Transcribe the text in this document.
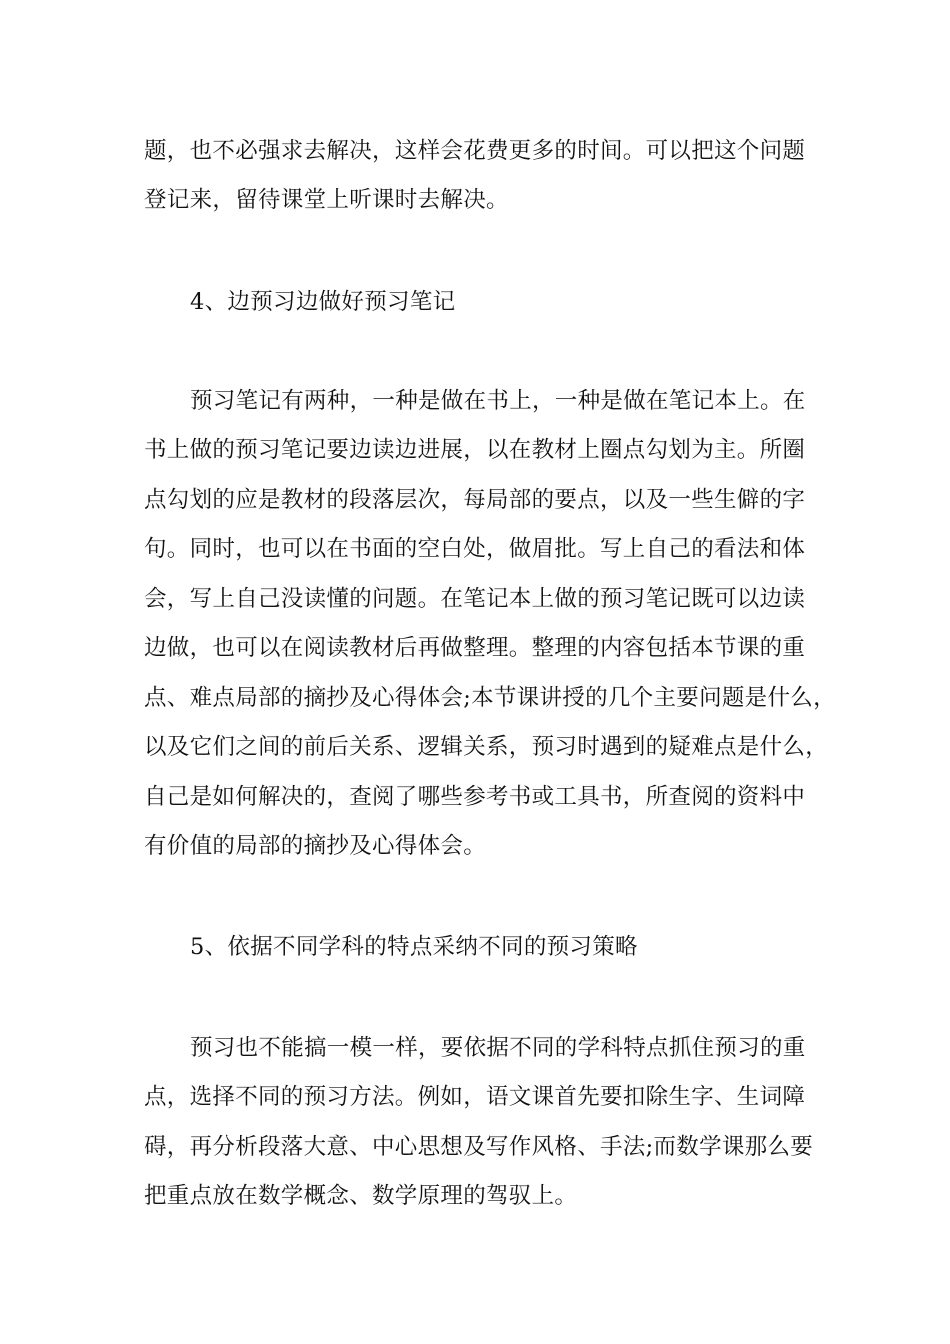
题，也不必强求去解决，这样会花费更多的时间。可以把这个问题
登记来，留待课堂上听课时去解决。
4、边预习边做好预习笔记
预习笔记有两种，一种是做在书上，一种是做在笔记本上。在
书上做的预习笔记要边读边进展，以在教材上圈点勾划为主。所圈
点勾划的应是教材的段落层次，每局部的要点，以及一些生僻的字
句。同时，也可以在书面的空白处，做眉批。写上自己的看法和体
会，写上自己没读懂的问题。在笔记本上做的预习笔记既可以边读
边做，也可以在阅读教材后再做整理。整理的内容包括本节课的重
点、难点局部的摘抄及心得体会;本节课讲授的几个主要问题是什么，
以及它们之间的前后关系、逻辑关系，预习时遇到的疑难点是什么，
自己是如何解决的，查阅了哪些参考书或工具书，所查阅的资料中
有价值的局部的摘抄及心得体会。
5、依据不同学科的特点采纳不同的预习策略
预习也不能搞一模一样，要依据不同的学科特点抓住预习的重
点，选择不同的预习方法。例如，语文课首先要扣除生字、生词障
碍，再分析段落大意、中心思想及写作风格、手法;而数学课那么要
把重点放在数学概念、数学原理的驾驭上。
